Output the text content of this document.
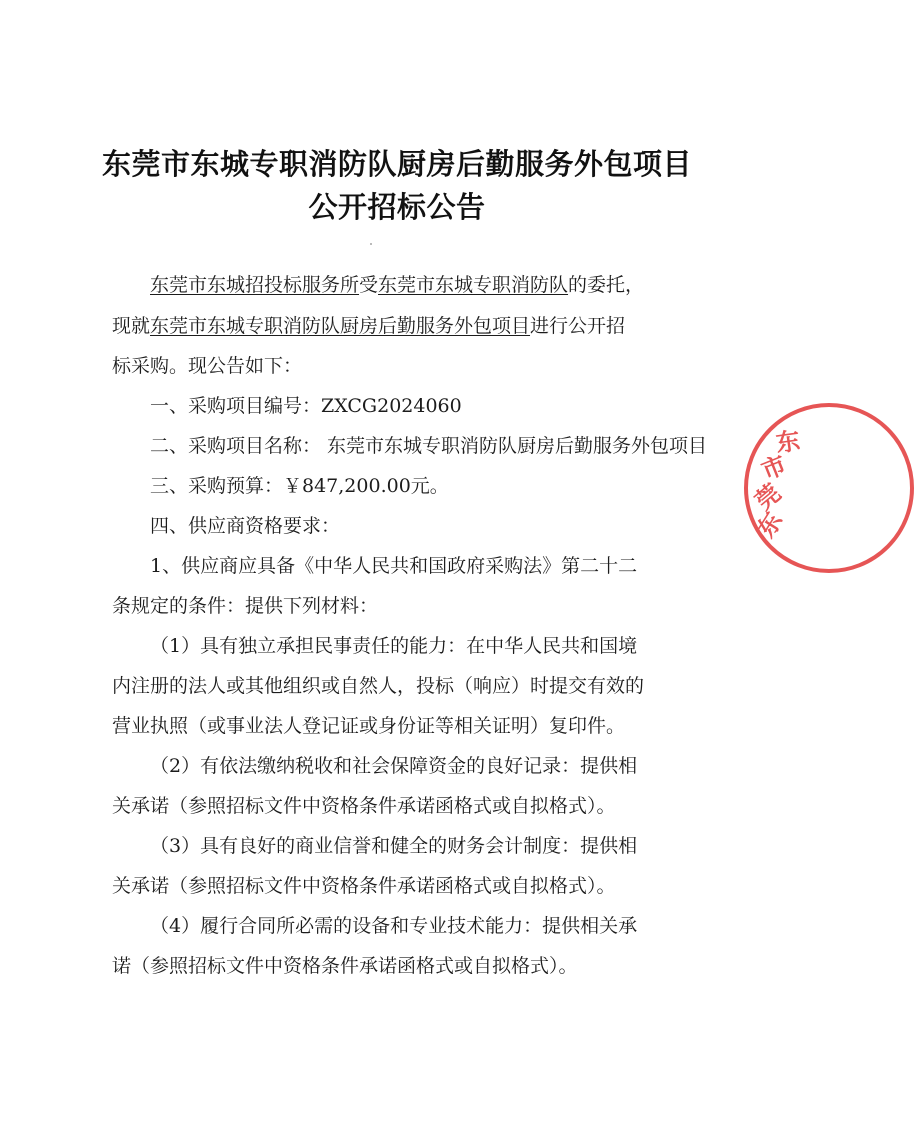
东莞市东城专职消防队厨房后勤服务外包项目
公开招标公告
东莞市东城招投标服务所受东莞市东城专职消防队的委托，
现就东莞市东城专职消防队厨房后勤服务外包项目进行公开招
标采购。现公告如下：
一、采购项目编号：ZXCG2024060
二、采购项目名称： 东莞市东城专职消防队厨房后勤服务外包项目
三、采购预算：￥847,200.00元。
四、供应商资格要求：
1、供应商应具备《中华人民共和国政府采购法》第二十二
条规定的条件：提供下列材料：
（1）具有独立承担民事责任的能力：在中华人民共和国境
内注册的法人或其他组织或自然人，投标（响应）时提交有效的
营业执照（或事业法人登记证或身份证等相关证明）复印件。
（2）有依法缴纳税收和社会保障资金的良好记录：提供相
关承诺（参照招标文件中资格条件承诺函格式或自拟格式）。
（3）具有良好的商业信誉和健全的财务会计制度：提供相
关承诺（参照招标文件中资格条件承诺函格式或自拟格式）。
（4）履行合同所必需的设备和专业技术能力：提供相关承
诺（参照招标文件中资格条件承诺函格式或自拟格式）。
东
莞
市
东
